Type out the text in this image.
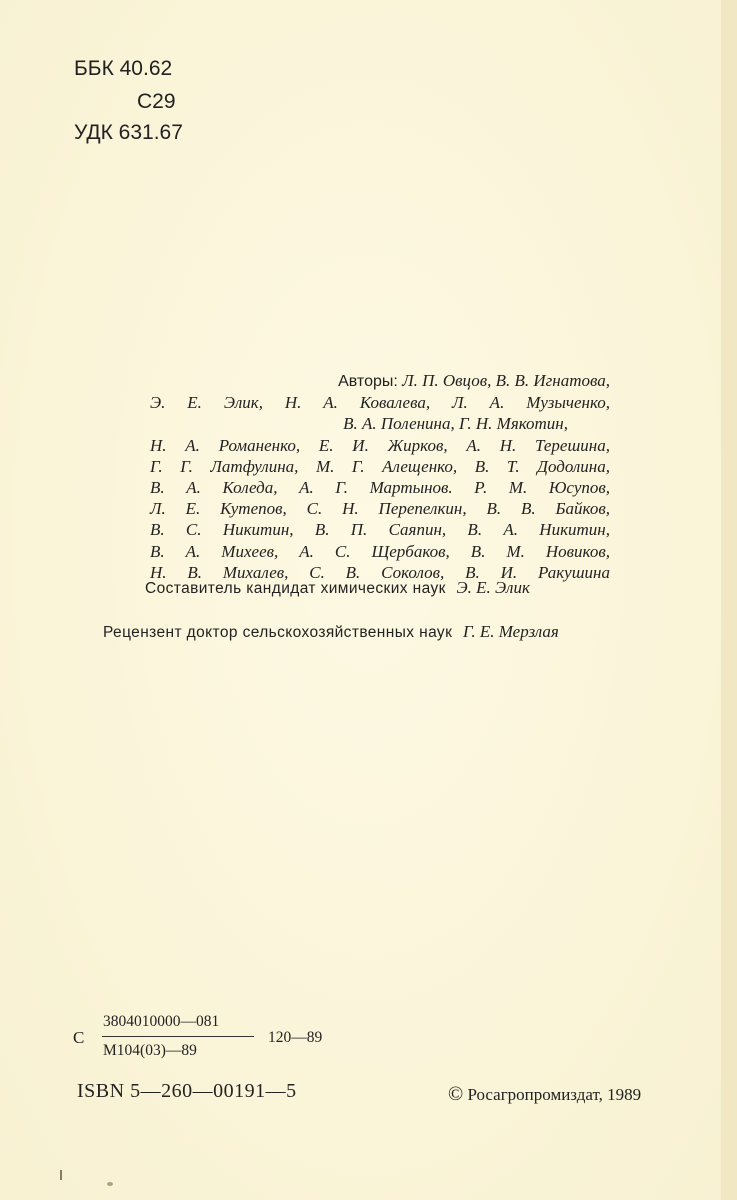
ББК 40.62
С29
УДК 631.67
Авторы: Л. П. Овцов, В. В. Игнатова,
Э. Е. Элик, Н. А. Ковалева, Л. А. Музыченко,
В. А. Поленина, Г. Н. Мякотин,
Н. А. Романенко, Е. И. Жирков, А. Н. Терешина,
Г. Г. Латфулина, М. Г. Алещенко, В. Т. Додолина,
В. А. Коледа, А. Г. Мартынов. Р. М. Юсупов,
Л. Е. Кутепов, С. Н. Перепелкин, В. В. Байков,
В. С. Никитин, В. П. Саяпин, В. А. Никитин,
В. А. Михеев, А. С. Щербаков, В. М. Новиков,
Н. В. Михалев, С. В. Соколов, В. И. Ракушина
Составитель кандидат химических наук Э. Е. Элик
Рецензент доктор сельскохозяйственных наук Г. Е. Мерзлая
С
3804010000—081
М104(03)—89
120—89
ISBN 5—260—00191—5	© Росагропромиздат, 1989
